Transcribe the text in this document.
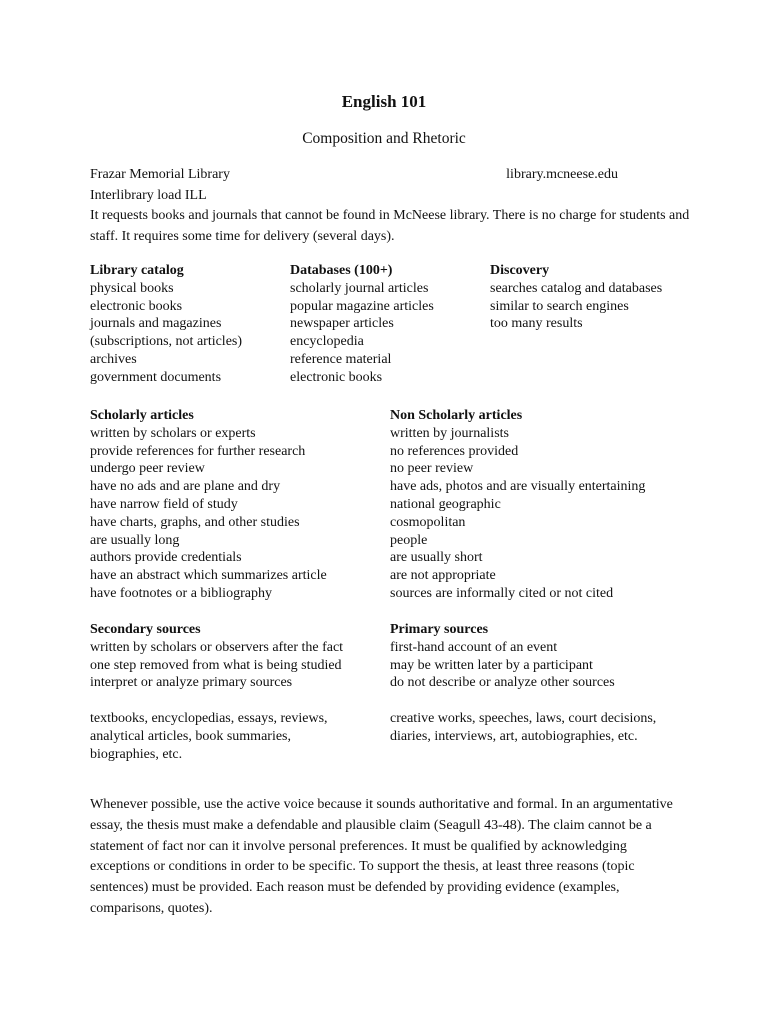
English 101
Composition and Rhetoric
Frazar Memorial Library	library.mcneese.edu

Interlibrary load ILL

It requests books and journals that cannot be found in McNeese library. There is no charge for students and staff. It requires some time for delivery (several days).

Library catalog
physical books
electronic books
journals and magazines
(subscriptions, not articles)
archives
government documents
Databases (100+)
scholarly journal articles
popular magazine articles
newspaper articles
encyclopedia
reference material
electronic books
Discovery
searches catalog and databases
similar to search engines
too many results
Scholarly articles
written by scholars or experts
provide references for further research
undergo peer review
have no ads and are plane and dry
have narrow field of study
have charts, graphs, and other studies
are usually long
authors provide credentials
have an abstract which summarizes article
have footnotes or a bibliography
Non Scholarly articles
written by journalists
no references provided
no peer review
have ads, photos and are visually entertaining
national geographic
cosmopolitan
people
are usually short
are not appropriate
sources are informally cited or not cited
Secondary sources
written by scholars or observers after the fact
one step removed from what is being studied
interpret or analyze primary sources
Primary sources
first-hand account of an event
may be written later by a participant
do not describe or analyze other sources
textbooks, encyclopedias, essays, reviews,
analytical articles, book summaries,
biographies, etc.
creative works, speeches, laws, court decisions,
diaries, interviews, art, autobiographies, etc.

Whenever possible, use the active voice because it sounds authoritative and formal. In an argumentative essay, the thesis must make a defendable and plausible claim (Seagull 43-48). The claim cannot be a statement of fact nor can it involve personal preferences. It must be qualified by acknowledging exceptions or conditions in order to be specific. To support the thesis, at least three reasons (topic sentences) must be provided. Each reason must be defended by providing evidence (examples, comparisons, quotes).
